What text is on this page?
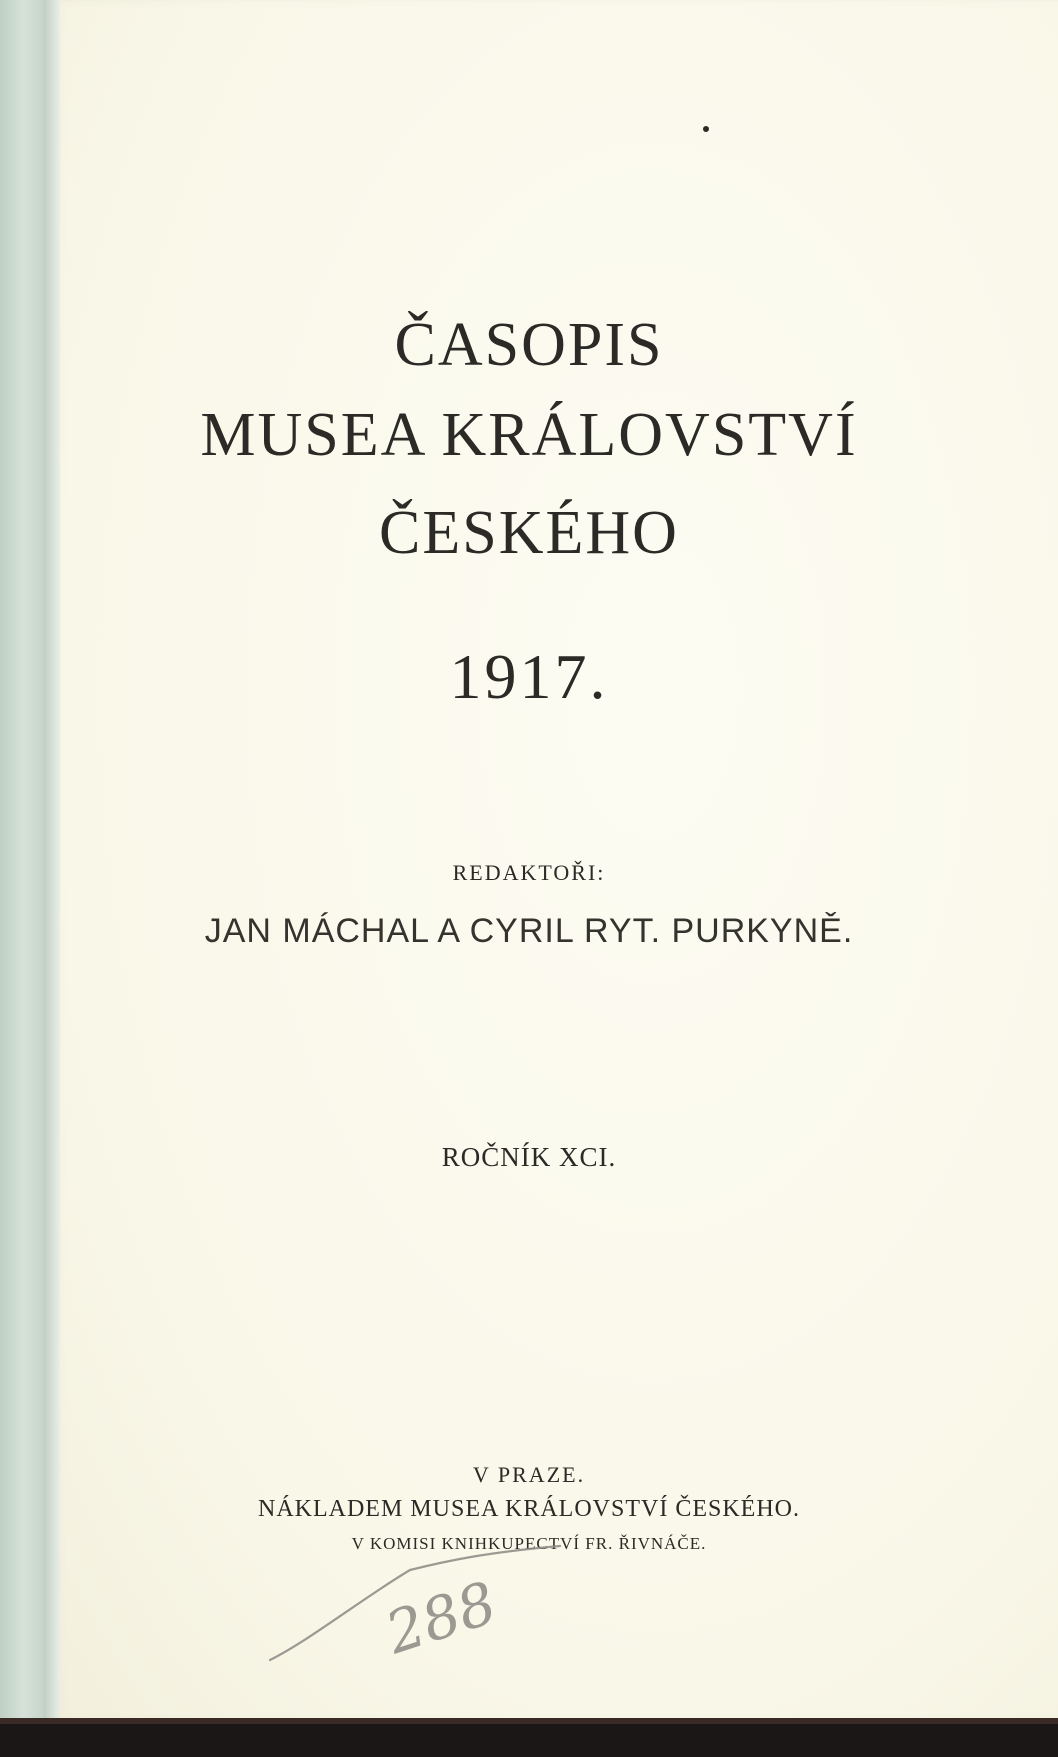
ČASOPIS
MUSEA KRÁLOVSTVÍ
ČESKÉHO
1917.
REDAKTOŘI:
JAN MÁCHAL A CYRIL RYT. PURKYNĚ.
ROČNÍK XCI.
V PRAZE.
NÁKLADEM MUSEA KRÁLOVSTVÍ ČESKÉHO.
V KOMISI KNIHKUPECTVÍ FR. ŘIVNÁČE.
288
